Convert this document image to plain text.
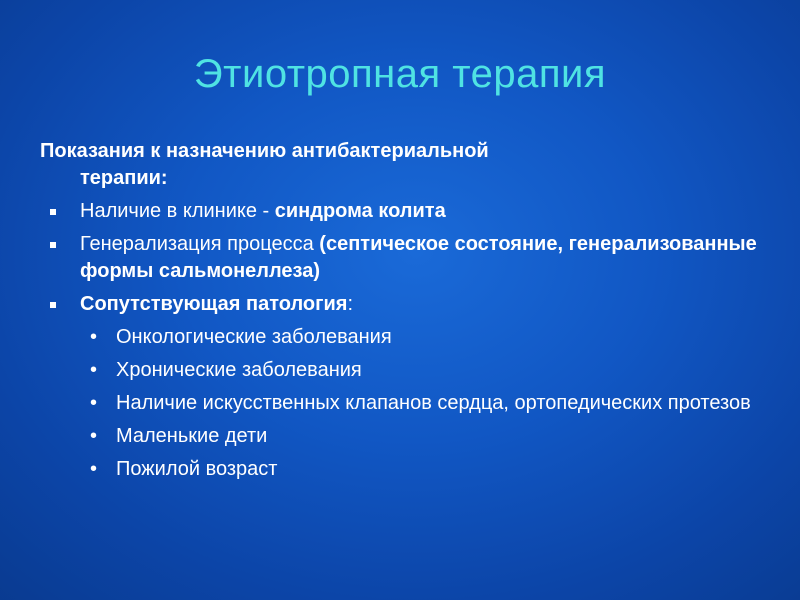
Этиотропная терапия
Показания к назначению антибактериальной
терапии:
Наличие в клинике - синдрома колита
Генерализация процесса (септическое состояние, генерализованные формы сальмонеллеза)
Сопутствующая патология:
• Онкологические заболевания
• Хронические заболевания
• Наличие искусственных клапанов сердца, ортопедических протезов
• Маленькие дети
• Пожилой возраст
